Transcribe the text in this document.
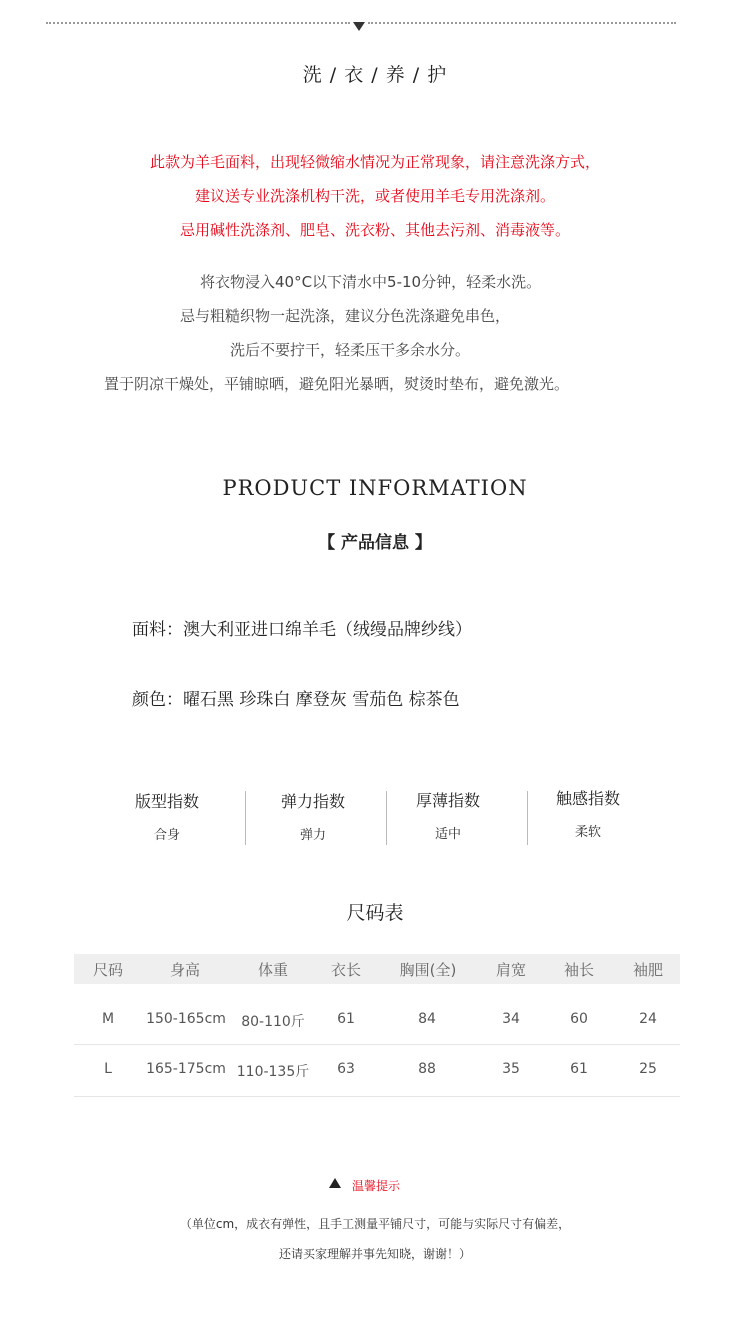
洗 / 衣 / 养 / 护
此款为羊毛面料，出现轻微缩水情况为正常现象，请注意洗涤方式，
建议送专业洗涤机构干洗，或者使用羊毛专用洗涤剂。
忌用碱性洗涤剂、肥皂、洗衣粉、其他去污剂、消毒液等。
将衣物浸入40°C以下清水中5-10分钟，轻柔水洗。
忌与粗糙织物一起洗涤，建议分色洗涤避免串色，
洗后不要拧干，轻柔压干多余水分。
置于阴凉干燥处，平铺晾晒，避免阳光暴晒，熨烫时垫布，避免激光。
PRODUCT INFORMATION
【 产品信息 】
面料：澳大利亚进口绵羊毛（绒缦品牌纱线）
颜色：曜石黑 珍珠白 摩登灰 雪茄色 棕茶色
版型指数
合身
弹力指数
弹力
厚薄指数
适中
触感指数
柔软
尺码表
尺码	身高	体重	衣长	胸围(全)	肩宽	袖长	袖肥
M	150-165cm	80-110斤	61	84	34	60	24
L	165-175cm 110-135斤	63	88	35	61	25
温馨提示
（单位cm，成衣有弹性，且手工测量平铺尺寸，可能与实际尺寸有偏差，
还请买家理解并事先知晓，谢谢！）
